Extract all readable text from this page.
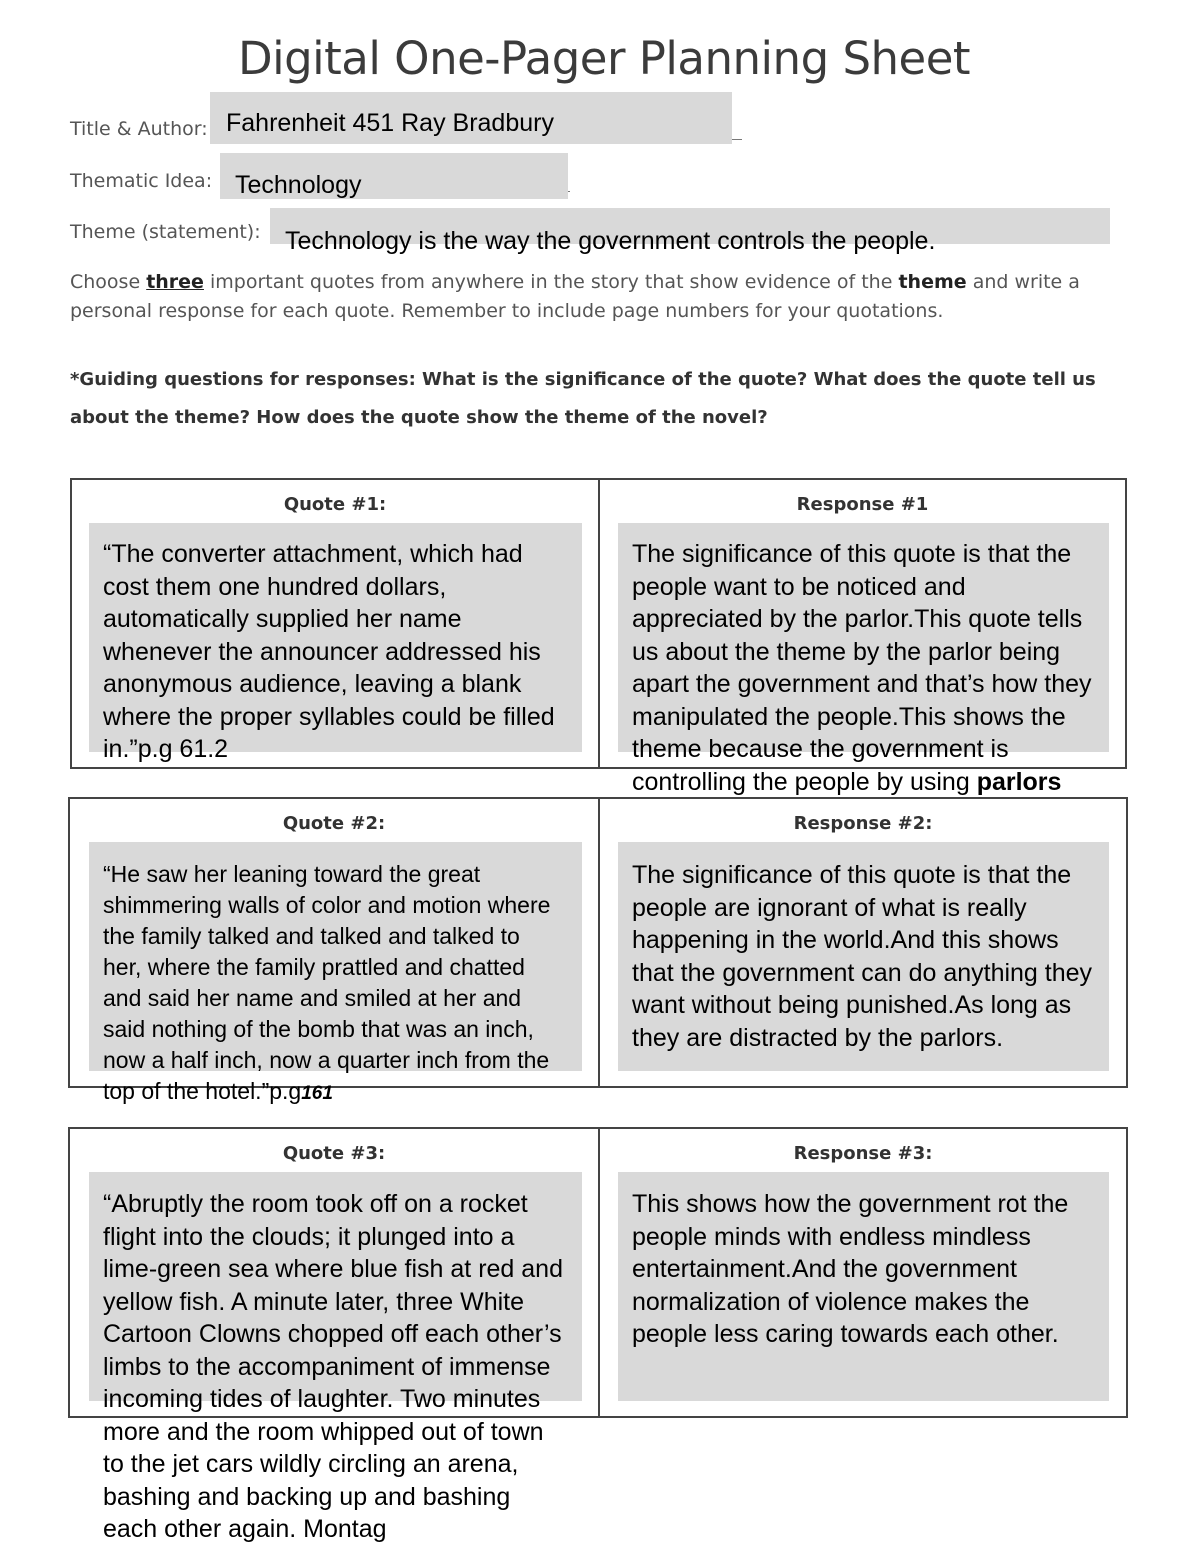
Digital One-Pager Planning Sheet
Title & Author: Fahrenheit 451 Ray Bradbury
Thematic Idea: Technology
Theme (statement): Technology is the way the government controls the people.
Choose three important quotes from anywhere in the story that show evidence of the theme and write a personal response for each quote. Remember to include page numbers for your quotations.
*Guiding questions for responses: What is the significance of the quote? What does the quote tell us about the theme? How does the quote show the theme of the novel?
Quote #1:	Response #1
“The converter attachment, which had cost them one hundred dollars, automatically supplied her name whenever the announcer addressed his anonymous audience, leaving a blank where the proper syllables could be filled in.”p.g 61.2
The significance of this quote is that the people want to be noticed and appreciated by the parlor.This quote tells us about the theme by the parlor being apart the government and that’s how they manipulated the people.This shows the theme because the government is controlling the people by using parlors
Quote #2:	Response #2:
“He saw her leaning toward the great shimmering walls of color and motion where the family talked and talked and talked to her, where the family prattled and chatted and said her name and smiled at her and said nothing of the bomb that was an inch, now a half inch, now a quarter inch from the top of the hotel.”p.g161
The significance of this quote is that the people are ignorant of what is really happening in the world.And this shows that the government can do anything they want without being punished.As long as they are distracted by the parlors.
Quote #3:	Response #3:
“Abruptly the room took off on a rocket flight into the clouds; it plunged into a lime-green sea where blue fish at red and yellow fish. A minute later, three White Cartoon Clowns chopped off each other’s limbs to the accompaniment of immense incoming tides of laughter. Two minutes more and the room whipped out of town to the jet cars wildly circling an arena, bashing and backing up and bashing each other again. Montag
This shows how the government rot the people minds with endless mindless entertainment.And the government normalization of violence makes the people less caring towards each other.
